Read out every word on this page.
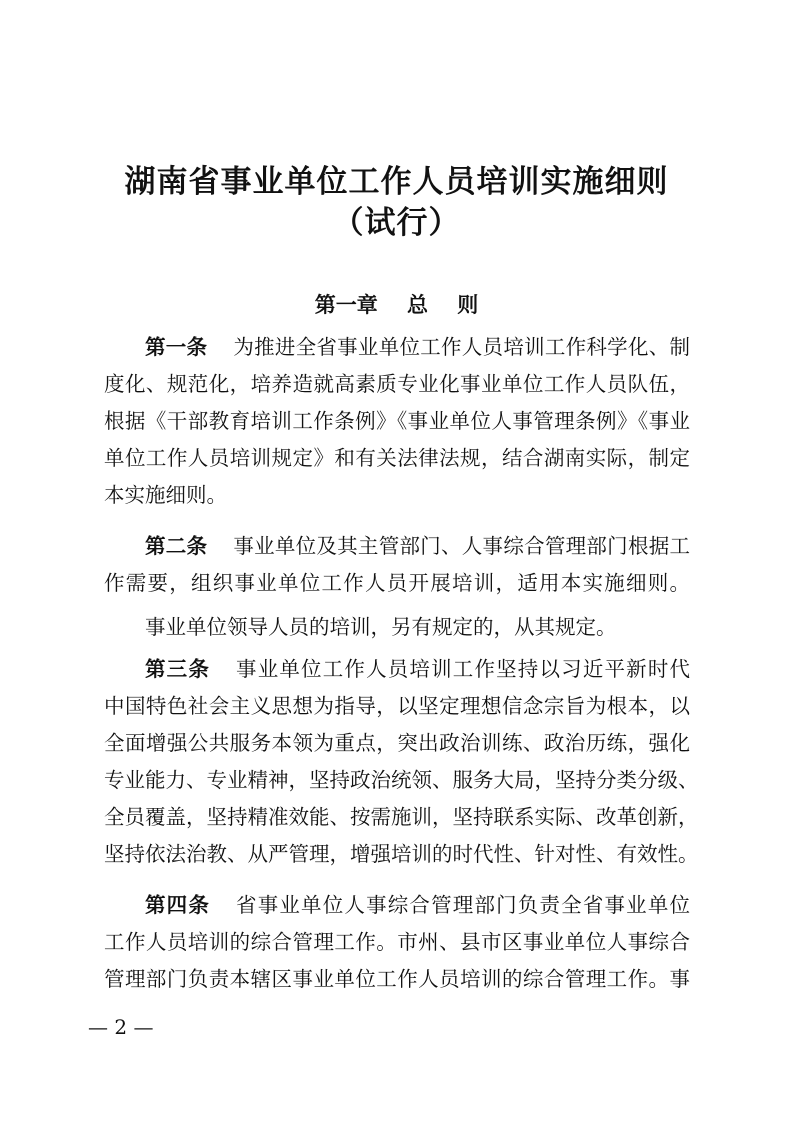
湖南省事业单位工作人员培训实施细则
（试行）
第一章    总    则
第一条 为推进全省事业单位工作人员培训工作科学化、制
度化、规范化，培养造就高素质专业化事业单位工作人员队伍，
根据《干部教育培训工作条例》《事业单位人事管理条例》《事业
单位工作人员培训规定》和有关法律法规，结合湖南实际，制定
本实施细则。
第二条 事业单位及其主管部门、人事综合管理部门根据工
作需要，组织事业单位工作人员开展培训，适用本实施细则。
事业单位领导人员的培训，另有规定的，从其规定。
第三条 事业单位工作人员培训工作坚持以习近平新时代
中国特色社会主义思想为指导，以坚定理想信念宗旨为根本，以
全面增强公共服务本领为重点，突出政治训练、政治历练，强化
专业能力、专业精神，坚持政治统领、服务大局，坚持分类分级、
全员覆盖，坚持精准效能、按需施训，坚持联系实际、改革创新，
坚持依法治教、从严管理，增强培训的时代性、针对性、有效性。
第四条 省事业单位人事综合管理部门负责全省事业单位
工作人员培训的综合管理工作。市州、县市区事业单位人事综合
管理部门负责本辖区事业单位工作人员培训的综合管理工作。事
— 2 —
